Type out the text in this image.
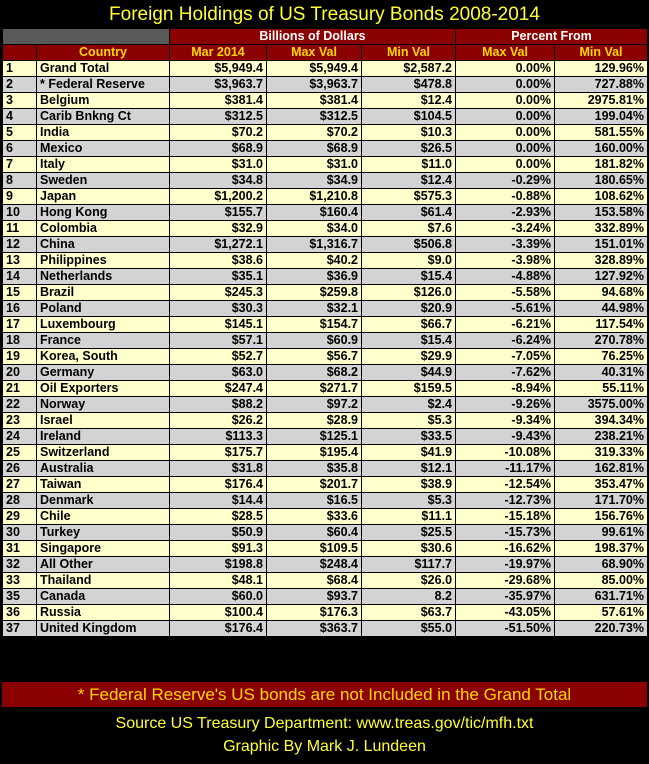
Foreign Holdings of US Treasury Bonds 2008-2014
		Billions of Dollars			Percent From	
	Country	Mar 2014	Max Val	Min Val	Max Val	Min Val
1	Grand Total	$5,949.4	$5,949.4	$2,587.2	0.00%	129.96%
2	* Federal Reserve	$3,963.7	$3,963.7	$478.8	0.00%	727.88%
3	Belgium	$381.4	$381.4	$12.4	0.00%	2975.81%
4	Carib Bnkng Ct	$312.5	$312.5	$104.5	0.00%	199.04%
5	India	$70.2	$70.2	$10.3	0.00%	581.55%
6	Mexico	$68.9	$68.9	$26.5	0.00%	160.00%
7	Italy	$31.0	$31.0	$11.0	0.00%	181.82%
8	Sweden	$34.8	$34.9	$12.4	-0.29%	180.65%
9	Japan	$1,200.2	$1,210.8	$575.3	-0.88%	108.62%
10	Hong Kong	$155.7	$160.4	$61.4	-2.93%	153.58%
11	Colombia	$32.9	$34.0	$7.6	-3.24%	332.89%
12	China	$1,272.1	$1,316.7	$506.8	-3.39%	151.01%
13	Philippines	$38.6	$40.2	$9.0	-3.98%	328.89%
14	Netherlands	$35.1	$36.9	$15.4	-4.88%	127.92%
15	Brazil	$245.3	$259.8	$126.0	-5.58%	94.68%
16	Poland	$30.3	$32.1	$20.9	-5.61%	44.98%
17	Luxembourg	$145.1	$154.7	$66.7	-6.21%	117.54%
18	France	$57.1	$60.9	$15.4	-6.24%	270.78%
19	Korea, South	$52.7	$56.7	$29.9	-7.05%	76.25%
20	Germany	$63.0	$68.2	$44.9	-7.62%	40.31%
21	Oil Exporters	$247.4	$271.7	$159.5	-8.94%	55.11%
22	Norway	$88.2	$97.2	$2.4	-9.26%	3575.00%
23	Israel	$26.2	$28.9	$5.3	-9.34%	394.34%
24	Ireland	$113.3	$125.1	$33.5	-9.43%	238.21%
25	Switzerland	$175.7	$195.4	$41.9	-10.08%	319.33%
26	Australia	$31.8	$35.8	$12.1	-11.17%	162.81%
27	Taiwan	$176.4	$201.7	$38.9	-12.54%	353.47%
28	Denmark	$14.4	$16.5	$5.3	-12.73%	171.70%
29	Chile	$28.5	$33.6	$11.1	-15.18%	156.76%
30	Turkey	$50.9	$60.4	$25.5	-15.73%	99.61%
31	Singapore	$91.3	$109.5	$30.6	-16.62%	198.37%
32	All Other	$198.8	$248.4	$117.7	-19.97%	68.90%
33	Thailand	$48.1	$68.4	$26.0	-29.68%	85.00%
35	Canada	$60.0	$93.7	8.2	-35.97%	631.71%
36	Russia	$100.4	$176.3	$63.7	-43.05%	57.61%
37	United Kingdom	$176.4	$363.7	$55.0	-51.50%	220.73%
* Federal Reserve's US bonds are not Included in the Grand Total
Source US Treasury Department: www.treas.gov/tic/mfh.txt
Graphic By Mark J. Lundeen
